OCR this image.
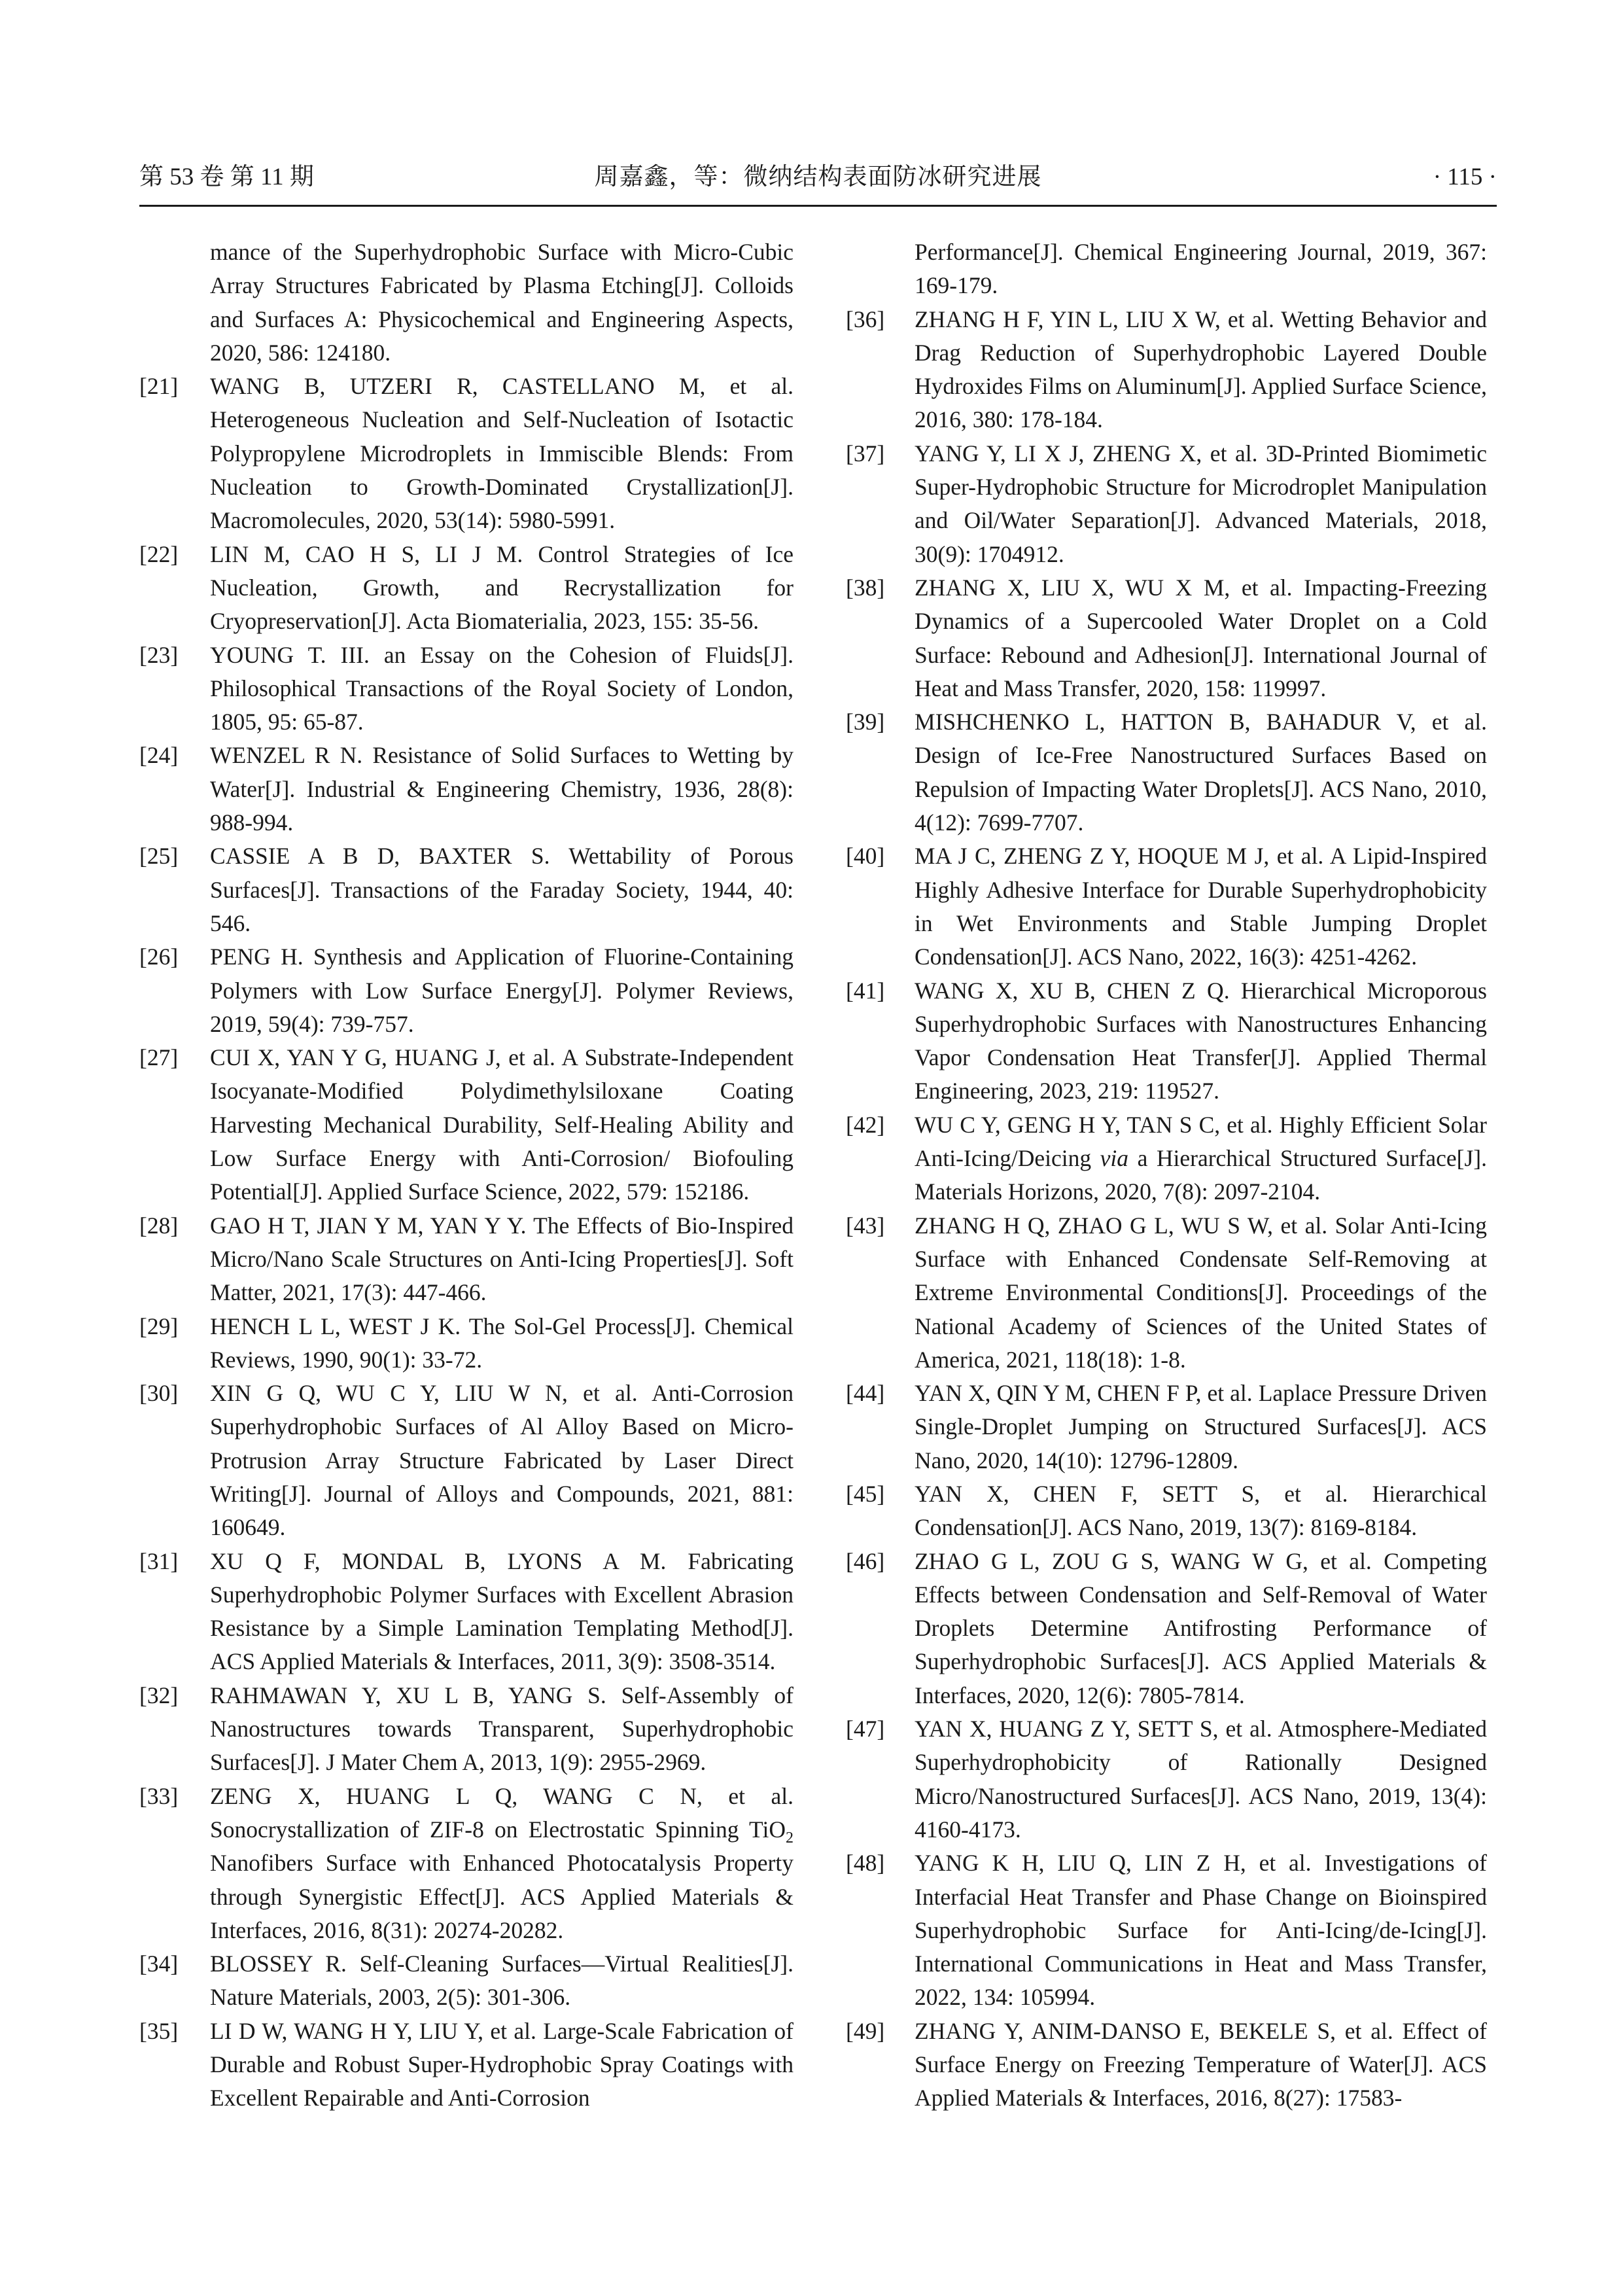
第 53 卷 第 11 期	周嘉鑫，等：微纳结构表面防冰研究进展	· 115 ·
mance of the Superhydrophobic Surface with Micro-Cubic Array Structures Fabricated by Plasma Etching[J]. Colloids and Surfaces A: Physicochemical and Engineering Aspects, 2020, 586: 124180.
[21] WANG B, UTZERI R, CASTELLANO M, et al. Heterogeneous Nucleation and Self-Nucleation of Isotactic Polypropylene Microdroplets in Immiscible Blends: From Nucleation to Growth-Dominated Crystallization[J]. Macromolecules, 2020, 53(14): 5980-5991.
[22] LIN M, CAO H S, LI J M. Control Strategies of Ice Nucleation, Growth, and Recrystallization for Cryopreservation[J]. Acta Biomaterialia, 2023, 155: 35-56.
[23] YOUNG T. III. an Essay on the Cohesion of Fluids[J]. Philosophical Transactions of the Royal Society of London, 1805, 95: 65-87.
[24] WENZEL R N. Resistance of Solid Surfaces to Wetting by Water[J]. Industrial & Engineering Chemistry, 1936, 28(8): 988-994.
[25] CASSIE A B D, BAXTER S. Wettability of Porous Surfaces[J]. Transactions of the Faraday Society, 1944, 40: 546.
[26] PENG H. Synthesis and Application of Fluorine-Containing Polymers with Low Surface Energy[J]. Polymer Reviews, 2019, 59(4): 739-757.
[27] CUI X, YAN Y G, HUANG J, et al. A Substrate-Independent Isocyanate-Modified Polydimethylsiloxane Coating Harvesting Mechanical Durability, Self-Healing Ability and Low Surface Energy with Anti-Corrosion/ Biofouling Potential[J]. Applied Surface Science, 2022, 579: 152186.
[28] GAO H T, JIAN Y M, YAN Y Y. The Effects of Bio-Inspired Micro/Nano Scale Structures on Anti-Icing Properties[J]. Soft Matter, 2021, 17(3): 447-466.
[29] HENCH L L, WEST J K. The Sol-Gel Process[J]. Chemical Reviews, 1990, 90(1): 33-72.
[30] XIN G Q, WU C Y, LIU W N, et al. Anti-Corrosion Superhydrophobic Surfaces of Al Alloy Based on Micro-Protrusion Array Structure Fabricated by Laser Direct Writing[J]. Journal of Alloys and Compounds, 2021, 881: 160649.
[31] XU Q F, MONDAL B, LYONS A M. Fabricating Superhydrophobic Polymer Surfaces with Excellent Abrasion Resistance by a Simple Lamination Templating Method[J]. ACS Applied Materials & Interfaces, 2011, 3(9): 3508-3514.
[32] RAHMAWAN Y, XU L B, YANG S. Self-Assembly of Nanostructures towards Transparent, Superhydrophobic Surfaces[J]. J Mater Chem A, 2013, 1(9): 2955-2969.
[33] ZENG X, HUANG L Q, WANG C N, et al. Sonocrystallization of ZIF-8 on Electrostatic Spinning TiO$_2$ Nanofibers Surface with Enhanced Photocatalysis Property through Synergistic Effect[J]. ACS Applied Materials & Interfaces, 2016, 8(31): 20274-20282.
[34] BLOSSEY R. Self-Cleaning Surfaces—Virtual Realities[J]. Nature Materials, 2003, 2(5): 301-306.
[35] LI D W, WANG H Y, LIU Y, et al. Large-Scale Fabrication of Durable and Robust Super-Hydrophobic Spray Coatings with Excellent Repairable and Anti-Corrosion
Performance[J]. Chemical Engineering Journal, 2019, 367: 169-179.
[36] ZHANG H F, YIN L, LIU X W, et al. Wetting Behavior and Drag Reduction of Superhydrophobic Layered Double Hydroxides Films on Aluminum[J]. Applied Surface Science, 2016, 380: 178-184.
[37] YANG Y, LI X J, ZHENG X, et al. 3D-Printed Biomimetic Super-Hydrophobic Structure for Microdroplet Manipulation and Oil/Water Separation[J]. Advanced Materials, 2018, 30(9): 1704912.
[38] ZHANG X, LIU X, WU X M, et al. Impacting-Freezing Dynamics of a Supercooled Water Droplet on a Cold Surface: Rebound and Adhesion[J]. International Journal of Heat and Mass Transfer, 2020, 158: 119997.
[39] MISHCHENKO L, HATTON B, BAHADUR V, et al. Design of Ice-Free Nanostructured Surfaces Based on Repulsion of Impacting Water Droplets[J]. ACS Nano, 2010, 4(12): 7699-7707.
[40] MA J C, ZHENG Z Y, HOQUE M J, et al. A Lipid-Inspired Highly Adhesive Interface for Durable Superhydrophobicity in Wet Environments and Stable Jumping Droplet Condensation[J]. ACS Nano, 2022, 16(3): 4251-4262.
[41] WANG X, XU B, CHEN Z Q. Hierarchical Microporous Superhydrophobic Surfaces with Nanostructures Enhancing Vapor Condensation Heat Transfer[J]. Applied Thermal Engineering, 2023, 219: 119527.
[42] WU C Y, GENG H Y, TAN S C, et al. Highly Efficient Solar Anti-Icing/Deicing via a Hierarchical Structured Surface[J]. Materials Horizons, 2020, 7(8): 2097-2104.
[43] ZHANG H Q, ZHAO G L, WU S W, et al. Solar Anti-Icing Surface with Enhanced Condensate Self-Removing at Extreme Environmental Conditions[J]. Proceedings of the National Academy of Sciences of the United States of America, 2021, 118(18): 1-8.
[44] YAN X, QIN Y M, CHEN F P, et al. Laplace Pressure Driven Single-Droplet Jumping on Structured Surfaces[J]. ACS Nano, 2020, 14(10): 12796-12809.
[45] YAN X, CHEN F, SETT S, et al. Hierarchical Condensation[J]. ACS Nano, 2019, 13(7): 8169-8184.
[46] ZHAO G L, ZOU G S, WANG W G, et al. Competing Effects between Condensation and Self-Removal of Water Droplets Determine Antifrosting Performance of Superhydrophobic Surfaces[J]. ACS Applied Materials & Interfaces, 2020, 12(6): 7805-7814.
[47] YAN X, HUANG Z Y, SETT S, et al. Atmosphere-Mediated Superhydrophobicity of Rationally Designed Micro/Nanostructured Surfaces[J]. ACS Nano, 2019, 13(4): 4160-4173.
[48] YANG K H, LIU Q, LIN Z H, et al. Investigations of Interfacial Heat Transfer and Phase Change on Bioinspired Superhydrophobic Surface for Anti-Icing/de-Icing[J]. International Communications in Heat and Mass Transfer, 2022, 134: 105994.
[49] ZHANG Y, ANIM-DANSO E, BEKELE S, et al. Effect of Surface Energy on Freezing Temperature of Water[J]. ACS Applied Materials & Interfaces, 2016, 8(27): 17583-
